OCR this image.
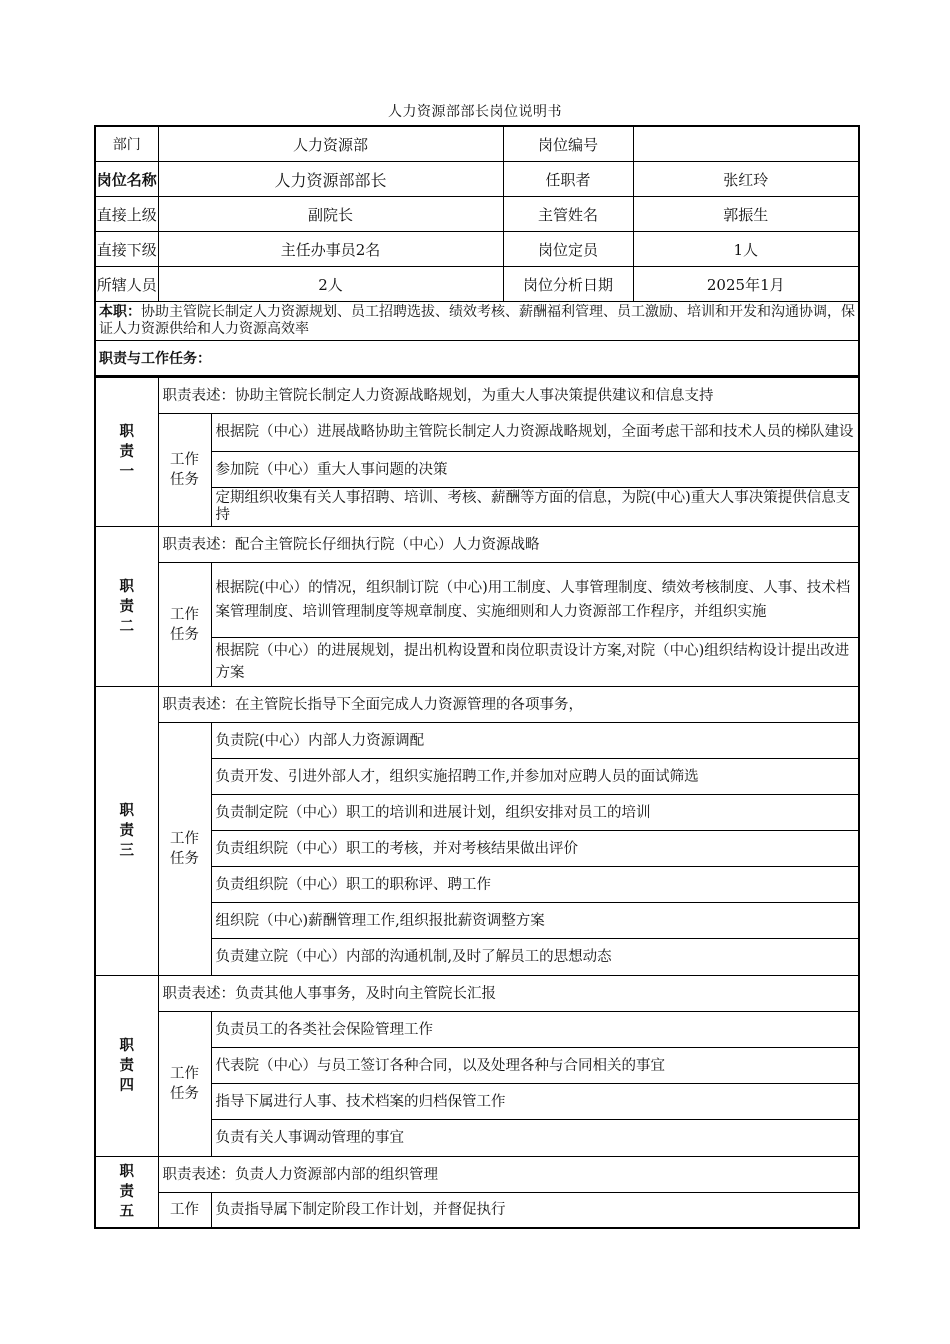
人力资源部部长岗位说明书
部门	人力资源部	岗位编号	
岗位名称	人力资源部部长	任职者	张红玲
直接上级	副院长	主管姓名	郭振生
直接下级	主任办事员2名	岗位定员	1人
所辖人员	2人	岗位分析日期	2025年1月
本职：协助主管院长制定人力资源规划、员工招聘选拔、绩效考核、薪酬福利管理、员工激励、培训和开发和沟通协调，保证人力资源供给和人力资源高效率			
职责与工作任务：			
职责一	职责表述：协助主管院长制定人力资源战略规划，为重大人事决策提供建议和信息支持	
	工作任务	根据院（中心）进展战略协助主管院长制定人力资源战略规划，全面考虑干部和技术人员的梯队建设
		参加院（中心）重大人事问题的决策
		定期组织收集有关人事招聘、培训、考核、薪酬等方面的信息，为院(中心)重大人事决策提供信息支持
职责二	职责表述：配合主管院长仔细执行院（中心）人力资源战略	
	工作任务	根据院(中心）的情况，组织制订院（中心)用工制度、人事管理制度、绩效考核制度、人事、技术档案管理制度、培训管理制度等规章制度、实施细则和人力资源部工作程序，并组织实施
		根据院（中心）的进展规划，提出机构设置和岗位职责设计方案,对院（中心)组织结构设计提出改进方案
职责三	职责表述：在主管院长指导下全面完成人力资源管理的各项事务，	
	工作任务	负责院(中心）内部人力资源调配
		负责开发、引进外部人才，组织实施招聘工作,并参加对应聘人员的面试筛选
		负责制定院（中心）职工的培训和进展计划，组织安排对员工的培训
		负责组织院（中心）职工的考核，并对考核结果做出评价
		负责组织院（中心）职工的职称评、聘工作
		组织院（中心)薪酬管理工作,组织报批薪资调整方案
		负责建立院（中心）内部的沟通机制,及时了解员工的思想动态
职责四	职责表述：负责其他人事事务，及时向主管院长汇报	
	工作任务	负责员工的各类社会保险管理工作
		代表院（中心）与员工签订各种合同，以及处理各种与合同相关的事宜
		指导下属进行人事、技术档案的归档保管工作
		负责有关人事调动管理的事宜
职责五	职责表述：负责人力资源部内部的组织管理	
	工作	负责指导属下制定阶段工作计划，并督促执行
